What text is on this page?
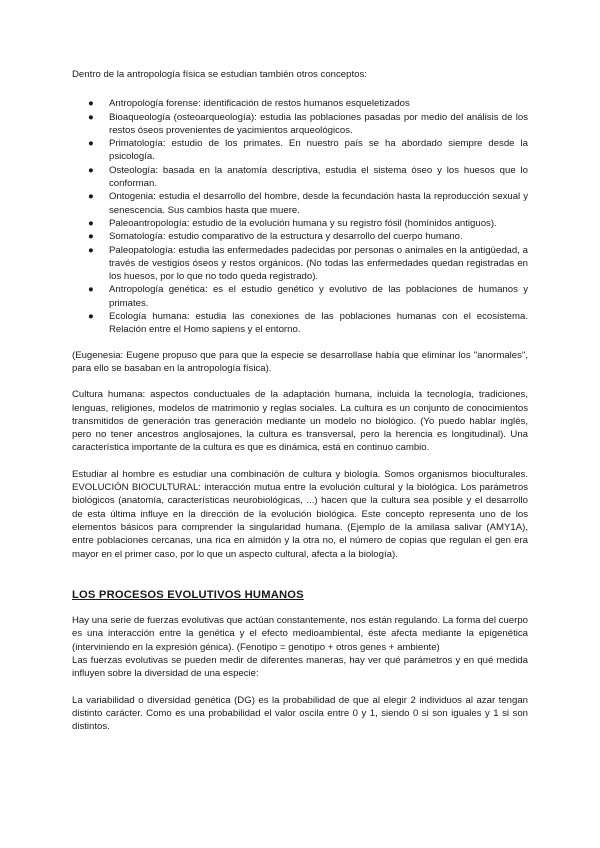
Dentro de la antropología física se estudian también otros conceptos:

● Antropología forense: identificación de restos humanos esqueletizados
● Bioaqueología (osteoarqueología): estudia las poblaciones pasadas por medio del análisis de los restos óseos provenientes de yacimientos arqueológicos.
● Primatología: estudio de los primates. En nuestro país se ha abordado siempre desde la psicología.
● Osteología: basada en la anatomía descriptiva, estudia el sistema óseo y los huesos que lo conforman.
● Ontogenia: estudia el desarrollo del hombre, desde la fecundación hasta la reproducción sexual y senescencia. Sus cambios hasta que muere.
● Paleoantropología: estudio de la evolución humana y su registro fósil (homínidos antiguos).
● Somatología: estudio comparativo de la estructura y desarrollo del cuerpo humano.
● Paleopatología: estudia las enfermedades padecidas por personas o animales en la antigüedad, a través de vestigios óseos y restos orgánicos. (No todas las enfermedades quedan registradas en los huesos, por lo que no todo queda registrado).
● Antropología genética: es el estudio genético y evolutivo de las poblaciones de humanos y primates.
● Ecología humana: estudia las conexiones de las poblaciones humanas con el ecosistema. Relación entre el Homo sapiens y el entorno.

(Eugenesia: Eugene propuso que para que la especie se desarrollase había que eliminar los "anormales", para ello se basaban en la antropología física).

Cultura humana: aspectos conductuales de la adaptación humana, incluida la tecnología, tradiciones, lenguas, religiones, modelos de matrimonio y reglas sociales. La cultura es un conjunto de conocimientos transmitidos de generación tras generación mediante un modelo no biológico. (Yo puedo hablar inglés, pero no tener ancestros anglosajones, la cultura es transversal, pero la herencia es longitudinal). Una característica importante de la cultura es que es dinámica, está en continuo cambio.

Estudiar al hombre es estudiar una combinación de cultura y biología. Somos organismos bioculturales. EVOLUCIÓN BIOCULTURAL: interacción mutua entre la evolución cultural y la biológica. Los parámetros biológicos (anatomía, características neurobiológicas, ...) hacen que la cultura sea posible y el desarrollo de esta última influye en la dirección de la evolución biológica. Este concepto representa uno de los elementos básicos para comprender la singularidad humana. (Ejemplo de la amilasa salivar (AMY1A), entre poblaciones cercanas, una rica en almidón y la otra no, el número de copias que regulan el gen era mayor en el primer caso, por lo que un aspecto cultural, afecta a la biología).

LOS PROCESOS EVOLUTIVOS HUMANOS

Hay una serie de fuerzas evolutivas que actúan constantemente, nos están regulando. La forma del cuerpo es una interacción entre la genética y el efecto medioambiental, éste afecta mediante la epigenética (interviniendo en la expresión génica). (Fenotipo = genotipo + otros genes + ambiente)

Las fuerzas evolutivas se pueden medir de diferentes maneras, hay ver qué parámetros y en qué medida influyen sobre la diversidad de una especie:

La variabilidad o diversidad genética (DG) es la probabilidad de que al elegir 2 individuos al azar tengan distinto carácter. Como es una probabilidad el valor oscila entre 0 y 1, siendo 0 si son iguales y 1 si son distintos.
